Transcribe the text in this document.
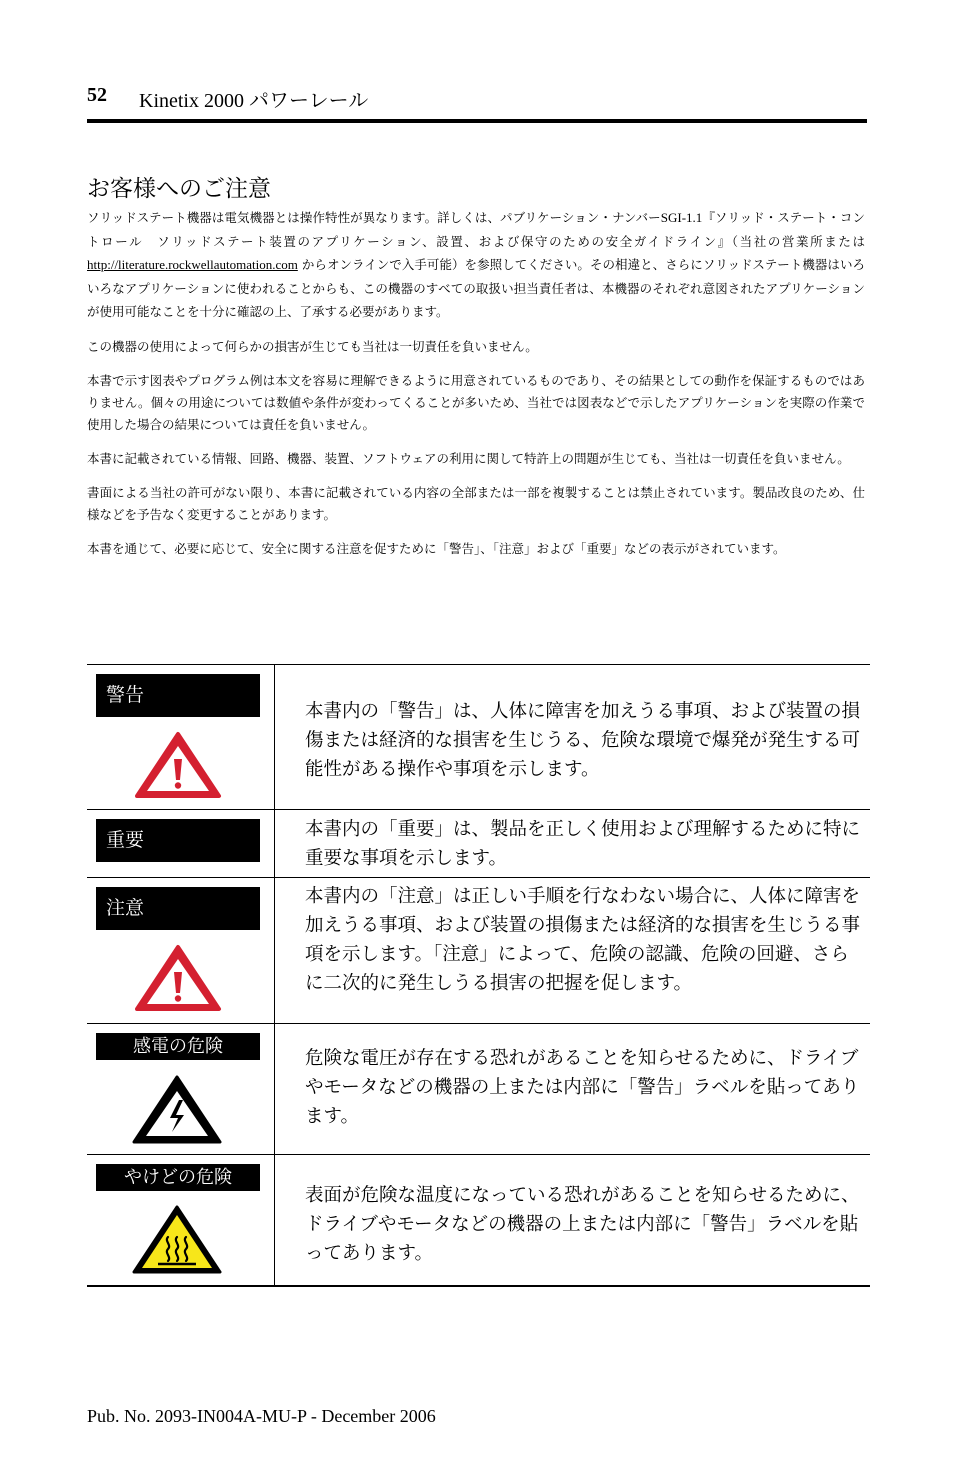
52 Kinetix 2000 パワーレール
お客様へのご注意

ソリッドステート機器は電気機器とは操作特性が異なります。詳しくは、パブリケーション・ナンバーSGI-1.1『ソリッド・ステート・コントロール　ソリッドステート装置のアプリケーション、設置、および保守のための安全ガイドライン』（当社の営業所または http://literature.rockwellautomation.com からオンラインで入手可能）を参照してください。その相違と、さらにソリッドステート機器はいろいろなアプリケーションに使われることからも、この機器のすべての取扱い担当責任者は、本機器のそれぞれ意図されたアプリケーションが使用可能なことを十分に確認の上、了承する必要があります。

この機器の使用によって何らかの損害が生じても当社は一切責任を負いません。

本書で示す図表やプログラム例は本文を容易に理解できるように用意されているものであり、その結果としての動作を保証するものではありません。個々の用途については数値や条件が変わってくることが多いため、当社では図表などで示したアプリケーションを実際の作業で使用した場合の結果については責任を負いません。

本書に記載されている情報、回路、機器、装置、ソフトウェアの利用に関して特許上の問題が生じても、当社は一切責任を負いません。

書面による当社の許可がない限り、本書に記載されている内容の全部または一部を複製することは禁止されています。製品改良のため、仕様などを予告なく変更することがあります。

本書を通じて、必要に応じて、安全に関する注意を促すために「警告」、「注意」および「重要」などの表示がされています。

警告
本書内の「警告」は、人体に障害を加えうる事項、および装置の損傷または経済的な損害を生じうる、危険な環境で爆発が発生する可能性がある操作や事項を示します。
重要	本書内の「重要」は、製品を正しく使用および理解するために特に重要な事項を示します。
注意
本書内の「注意」は正しい手順を行なわない場合に、人体に障害を加えうる事項、および装置の損傷または経済的な損害を生じうる事項を示します。「注意」によって、危険の認識、危険の回避、さらに二次的に発生しうる損害の把握を促します。
感電の危険
危険な電圧が存在する恐れがあることを知らせるために、ドライブやモータなどの機器の上または内部に「警告」ラベルを貼ってあります。
やけどの危険
表面が危険な温度になっている恐れがあることを知らせるために、ドライブやモータなどの機器の上または内部に「警告」ラベルを貼ってあります。
Pub. No. 2093-IN004A-MU-P - December 2006
